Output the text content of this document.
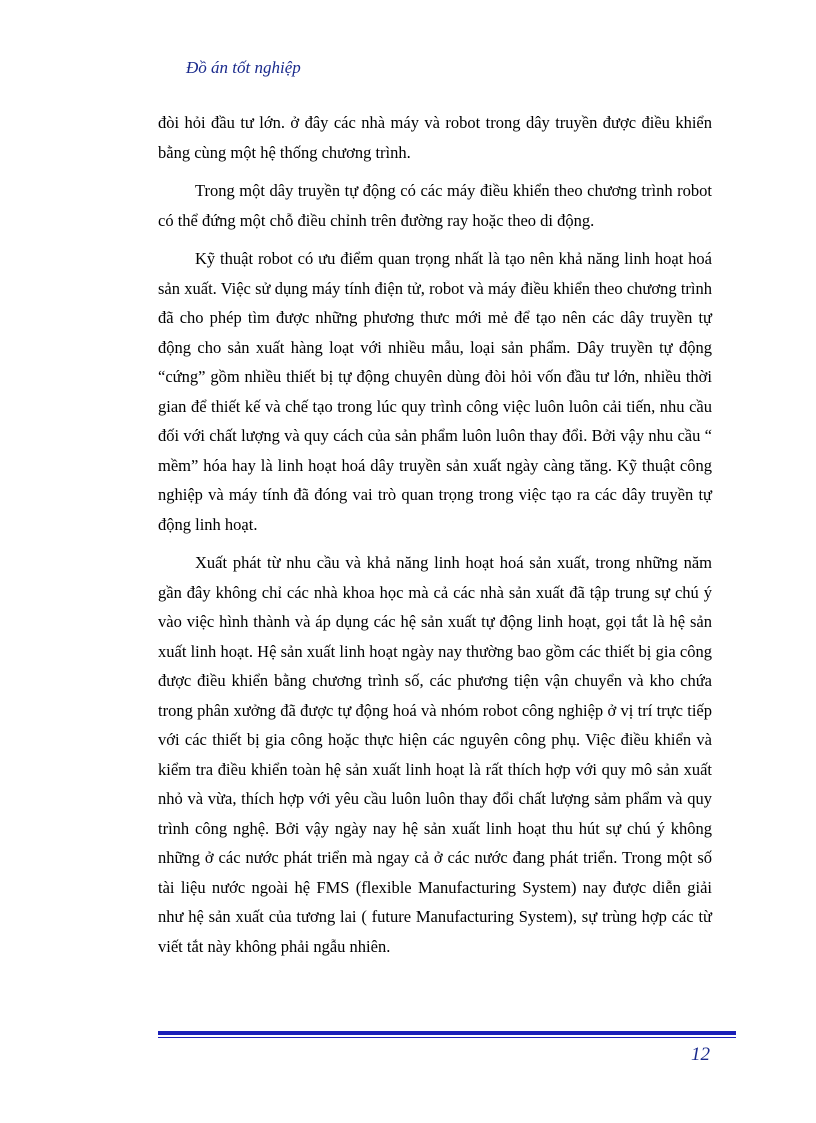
Đồ án tốt nghiệp

đòi hỏi đầu tư lớn. ở đây các nhà máy và robot trong dây truyền được điều khiển bằng cùng một hệ thống chương trình.

Trong một dây truyền tự động có các máy điều khiển theo chương trình robot có thể đứng một chỗ điều chỉnh trên đường ray hoặc theo di động.

Kỹ thuật robot có ưu điểm quan trọng nhất là tạo nên khả năng linh hoạt hoá sản xuất. Việc sử dụng máy tính điện tử, robot và máy điều khiển theo chương trình đã cho phép tìm được những phương thưc mới mẻ để tạo nên các dây truyền tự động cho sản xuất hàng loạt với nhiều mẫu, loại sản phẩm. Dây truyền tự động “cứng” gồm nhiều thiết bị tự động chuyên dùng đòi hỏi vốn đầu tư lớn, nhiều thời gian để thiết kế và chế tạo trong lúc quy trình công việc luôn luôn cải tiến, nhu cầu đối với chất lượng và quy cách của sản phẩm luôn luôn thay đổi. Bởi vậy nhu cầu “ mềm” hóa hay là linh hoạt hoá dây truyền sản xuất ngày càng tăng. Kỹ thuật công nghiệp và máy tính đã đóng vai trò quan trọng trong việc tạo ra các dây truyền tự động linh hoạt.

Xuất phát từ nhu cầu và khả năng linh hoạt hoá sản xuất, trong những năm gần đây không chỉ các nhà khoa học mà cả các nhà sản xuất đã tập trung sự chú ý vào việc hình thành và áp dụng các hệ sản xuất tự động linh hoạt, gọi tắt là hệ sản xuất linh hoạt. Hệ sản xuất linh hoạt ngày nay thường bao gồm các thiết bị gia công được điều khiển bằng chương trình số, các phương tiện vận chuyển và kho chứa trong phân xưởng đã được tự động hoá và nhóm robot công nghiệp ở vị trí trực tiếp với các thiết bị gia công hoặc thực hiện các nguyên công phụ. Việc điều khiển và kiểm tra điều khiển toàn hệ sản xuất linh hoạt là rất thích hợp với quy mô sản xuất nhỏ và vừa, thích hợp với yêu cầu luôn luôn thay đổi chất lượng sảm phẩm và quy trình công nghệ. Bởi vậy ngày nay hệ sản xuất linh hoạt thu hút sự chú ý không những ở các nước phát triển mà ngay cả ở các nước đang phát triển. Trong một số tài liệu nước ngoài hệ FMS (flexible Manufacturing System) nay được diễn giải như hệ sản xuất của tương lai ( future Manufacturing System), sự trùng hợp các từ viết tắt này không phải ngẫu nhiên.

12
